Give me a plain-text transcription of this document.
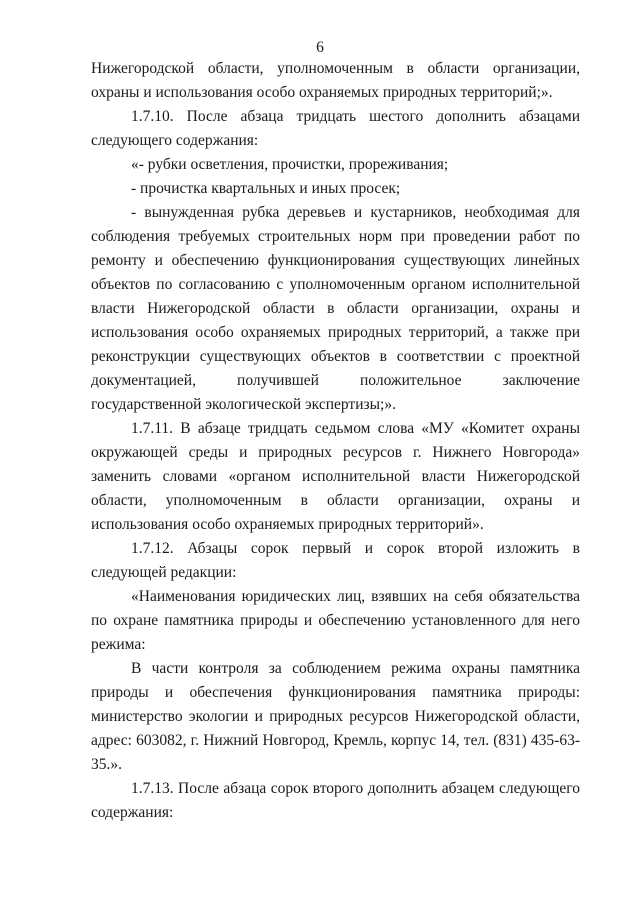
6

Нижегородской области, уполномоченным в области организации, охраны и использования особо охраняемых природных территорий;».

1.7.10. После абзаца тридцать шестого дополнить абзацами следующего содержания:

«- рубки осветления, прочистки, прореживания;

- прочистка квартальных и иных просек;

- вынужденная рубка деревьев и кустарников, необходимая для соблюдения требуемых строительных норм при проведении работ по ремонту и обеспечению функционирования существующих линейных объектов по согласованию с уполномоченным органом исполнительной власти Нижегородской области в области организации, охраны и использования особо охраняемых природных территорий, а также при реконструкции существующих объектов в соответствии с проектной документацией, получившей положительное заключение государственной экологической экспертизы;».

1.7.11. В абзаце тридцать седьмом слова «МУ «Комитет охраны окружающей среды и природных ресурсов г. Нижнего Новгорода» заменить словами «органом исполнительной власти Нижегородской области, уполномоченным в области организации, охраны и использования особо охраняемых природных территорий».

1.7.12. Абзацы сорок первый и сорок второй изложить в следующей редакции:

«Наименования юридических лиц, взявших на себя обязательства по охране памятника природы и обеспечению установленного для него режима:

В части контроля за соблюдением режима охраны памятника природы и обеспечения функционирования памятника природы: министерство экологии и природных ресурсов Нижегородской области, адрес: 603082, г. Нижний Новгород, Кремль, корпус 14, тел. (831) 435-63-35.».

1.7.13. После абзаца сорок второго дополнить абзацем следующего содержания:
